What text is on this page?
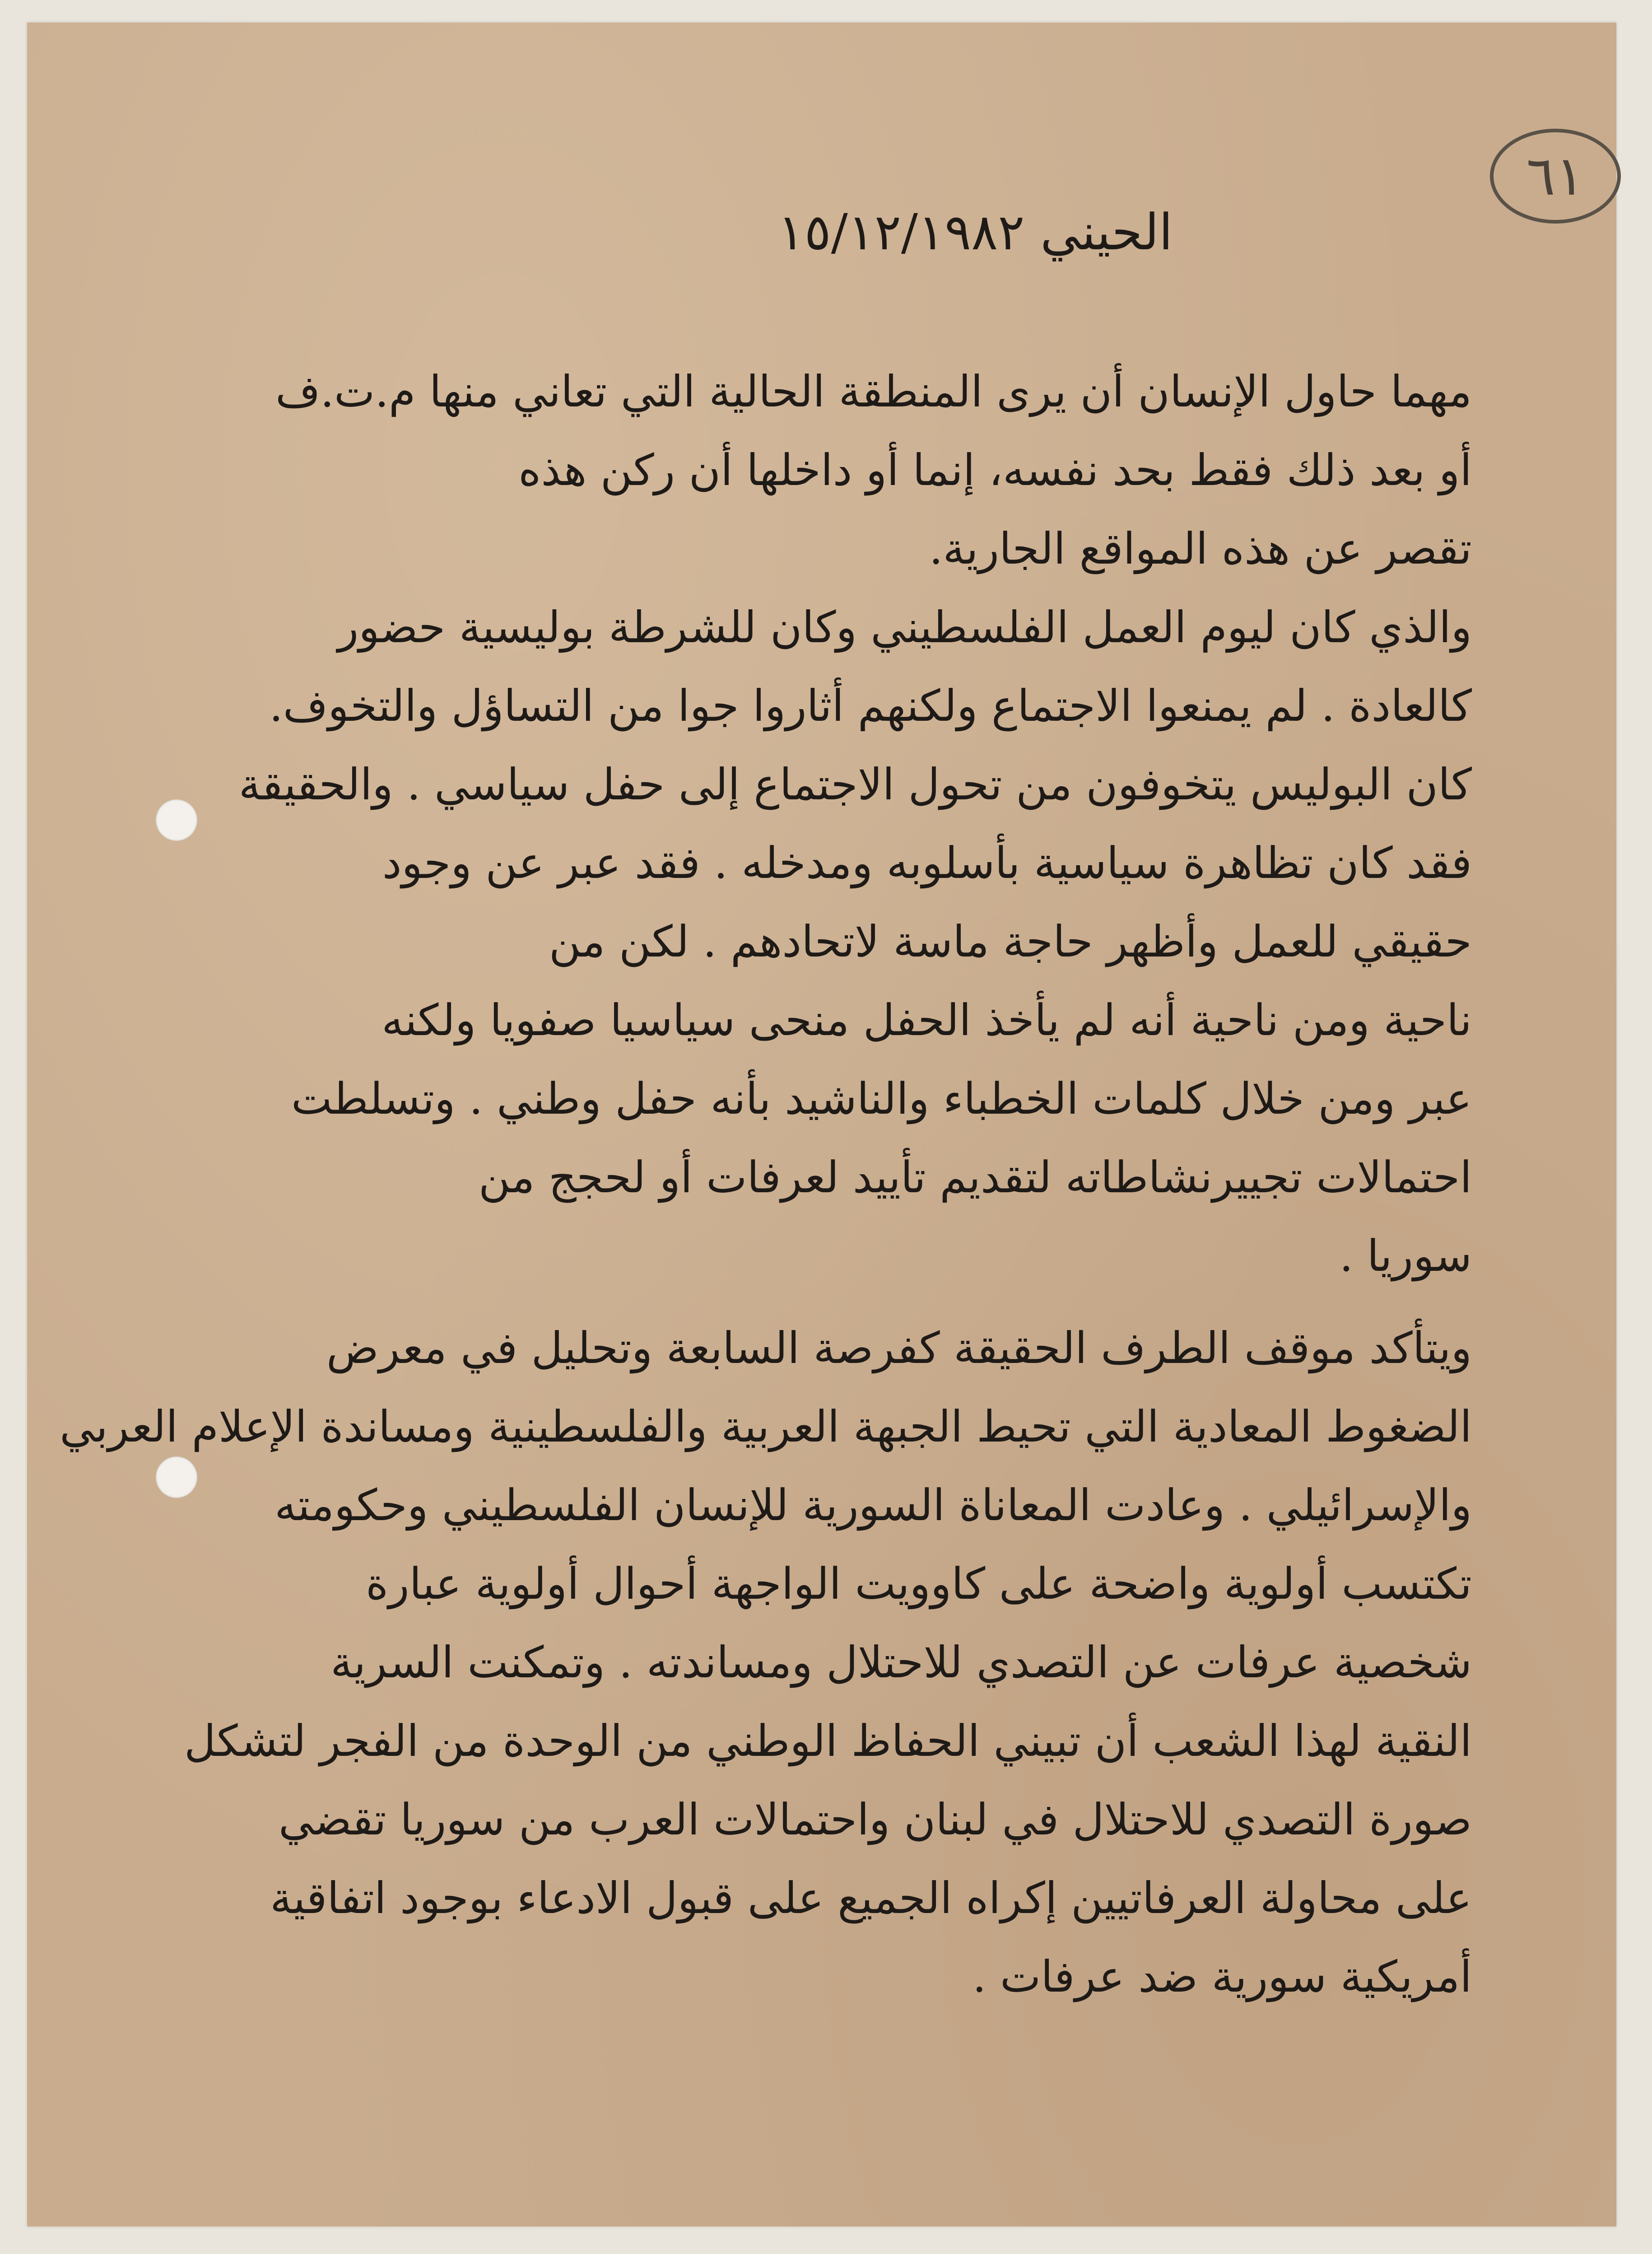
٦١
الحيني ١٥/١٢/١٩٨٢
مهما حاول الإنسان أن يرى المنطقة الحالية التي تعاني منها م.ت.ف
أو بعد ذلك فقط بحد نفسه، إنما أو داخلها أن ركن هذه
تقصر عن هذه المواقع الجارية.
والذي كان ليوم العمل الفلسطيني وكان للشرطة بوليسية حضور
كالعادة . لم يمنعوا الاجتماع ولكنهم أثاروا جوا من التساؤل والتخوف.
كان البوليس يتخوفون من تحول الاجتماع إلى حفل سياسي . والحقيقة
فقد كان تظاهرة سياسية بأسلوبه ومدخله . فقد عبر عن وجود
حقيقي للعمل وأظهر حاجة ماسة لاتحادهم . لكن من
ناحية ومن ناحية أنه لم يأخذ الحفل منحى سياسيا صفويا ولكنه
عبر ومن خلال كلمات الخطباء والناشيد بأنه حفل وطني . وتسلطت
احتمالات تجييرنشاطاته لتقديم تأييد لعرفات أو لحجج من
سوريا .
ويتأكد موقف الطرف الحقيقة كفرصة السابعة وتحليل في معرض
الضغوط المعادية التي تحيط الجبهة العربية والفلسطينية ومساندة الإعلام العربي
والإسرائيلي . وعادت المعاناة السورية للإنسان الفلسطيني وحكومته
تكتسب أولوية واضحة على كاوويت الواجهة أحوال أولوية عبارة
شخصية عرفات عن التصدي للاحتلال ومساندته . وتمكنت السرية
النقية لهذا الشعب أن تبيني الحفاظ الوطني من الوحدة من الفجر لتشكل
صورة التصدي للاحتلال في لبنان واحتمالات العرب من سوريا تقضي
على محاولة العرفاتيين إكراه الجميع على قبول الادعاء بوجود اتفاقية
أمريكية سورية ضد عرفات .
